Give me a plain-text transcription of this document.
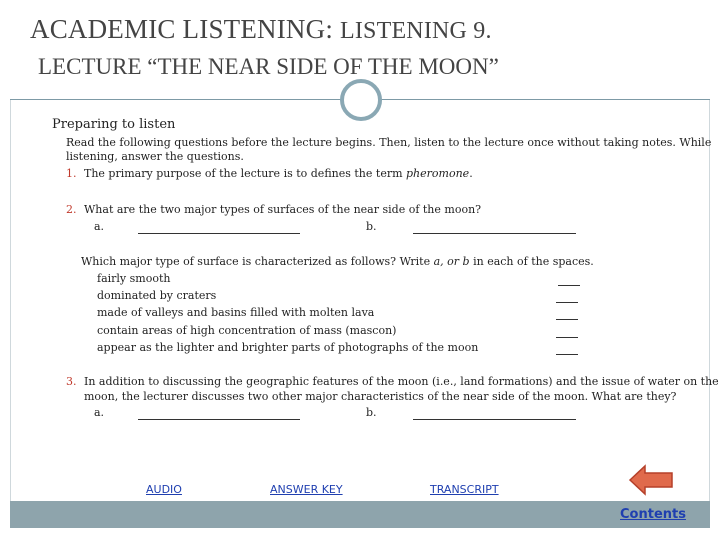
ACADEMIC LISTENING: LISTENING 9.
LECTURE “THE NEAR SIDE OF THE MOON”
Preparing to listen
Read the following questions before the lecture begins. Then, listen to the lecture once without taking notes. While
listening, answer the questions.
1. The primary purpose of the lecture is to defines the term pheromone.
2. What are the two major types of surfaces of the near side of the moon?
a.	b.
Which major type of surface is characterized as follows? Write a, or b in each of the spaces.
fairly smooth
dominated by craters
made of valleys and basins filled with molten lava
contain areas of high concentration of mass (mascon)
appear as the lighter and brighter parts of photographs of the moon
3. In addition to discussing the geographic features of the moon (i.e., land formations) and the issue of water on the
moon, the lecturer discusses two other major characteristics of the near side of the moon. What are they?
a.	b.
AUDIO	ANSWER KEY	TRANSCRIPT
Contents
